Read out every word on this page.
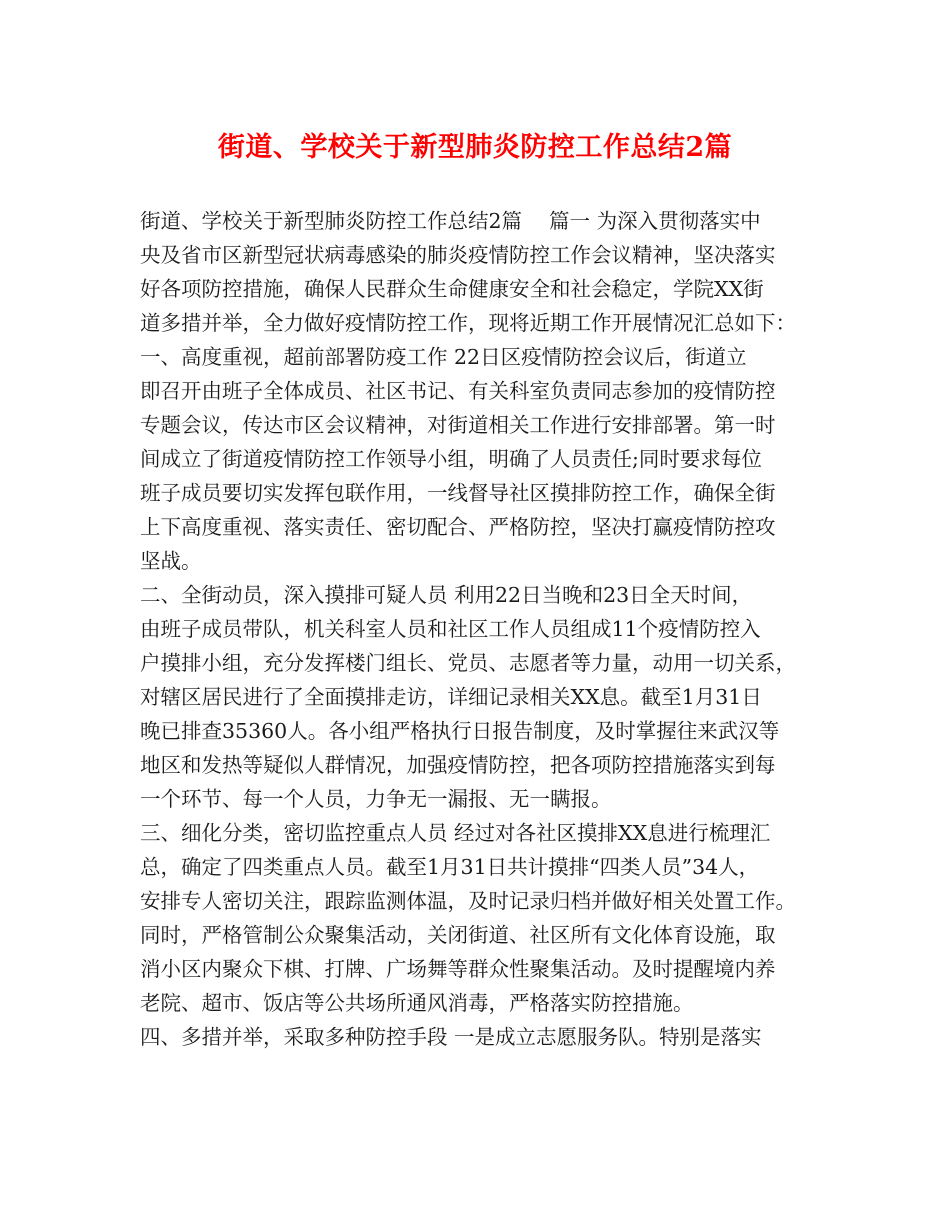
街道、学校关于新型肺炎防控工作总结2篇
街道、学校关于新型肺炎防控工作总结2篇　 篇一 为深入贯彻落实中
央及省市区新型冠状病毒感染的肺炎疫情防控工作会议精神，坚决落实
好各项防控措施，确保人民群众生命健康安全和社会稳定，学院XX街
道多措并举，全力做好疫情防控工作，现将近期工作开展情况汇总如下：
一、高度重视，超前部署防疫工作 22日区疫情防控会议后，街道立
即召开由班子全体成员、社区书记、有关科室负责同志参加的疫情防控
专题会议，传达市区会议精神，对街道相关工作进行安排部署。第一时
间成立了街道疫情防控工作领导小组，明确了人员责任;同时要求每位
班子成员要切实发挥包联作用，一线督导社区摸排防控工作，确保全街
上下高度重视、落实责任、密切配合、严格防控，坚决打赢疫情防控攻
坚战。
二、全街动员，深入摸排可疑人员 利用22日当晚和23日全天时间，
由班子成员带队，机关科室人员和社区工作人员组成11个疫情防控入
户摸排小组，充分发挥楼门组长、党员、志愿者等力量，动用一切关系，
对辖区居民进行了全面摸排走访，详细记录相关XX息。截至1月31日
晚已排查35360人。各小组严格执行日报告制度，及时掌握往来武汉等
地区和发热等疑似人群情况，加强疫情防控，把各项防控措施落实到每
一个环节、每一个人员，力争无一漏报、无一瞒报。
三、细化分类，密切监控重点人员 经过对各社区摸排XX息进行梳理汇
总，确定了四类重点人员。截至1月31日共计摸排“四类人员”34人，
安排专人密切关注，跟踪监测体温，及时记录归档并做好相关处置工作。
同时，严格管制公众聚集活动，关闭街道、社区所有文化体育设施，取
消小区内聚众下棋、打牌、广场舞等群众性聚集活动。及时提醒境内养
老院、超市、饭店等公共场所通风消毒，严格落实防控措施。
四、多措并举，采取多种防控手段 一是成立志愿服务队。特别是落实
